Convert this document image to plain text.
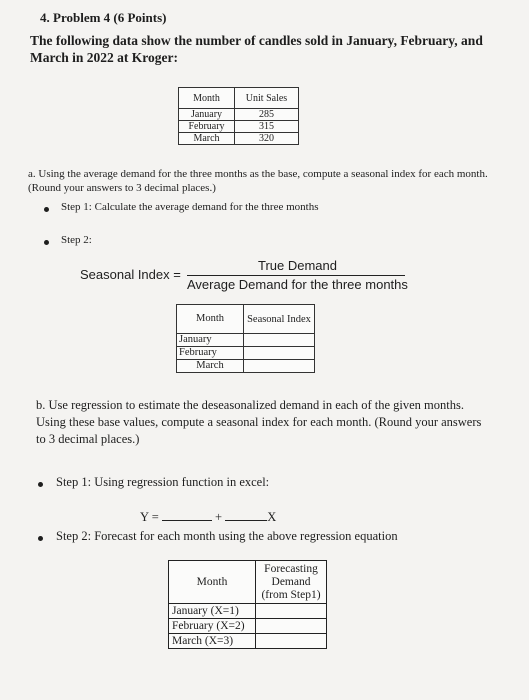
4. Problem 4 (6 Points)
The following data show the number of candles sold in January, February, and March in 2022 at Kroger:
Month	Unit Sales
January	285
February	315
March	320
a. Using the average demand for the three months as the base, compute a seasonal index for each month. (Round your answers to 3 decimal places.)
Step 1: Calculate the average demand for the three months
Step 2:
Seasonal Index =
True Demand
Average Demand for the three months
Month	Seasonal Index
January	
February	
March	
b. Use regression to estimate the deseasonalized demand in each of the given months. Using these base values, compute a seasonal index for each month. (Round your answers to 3 decimal places.)
Step 1: Using regression function in excel:
Y =	+	X
Step 2: Forecast for each month using the above regression equation
Month	Forecasting Demand (from Step1)
January (X=1)	
February (X=2)	
March (X=3)	
